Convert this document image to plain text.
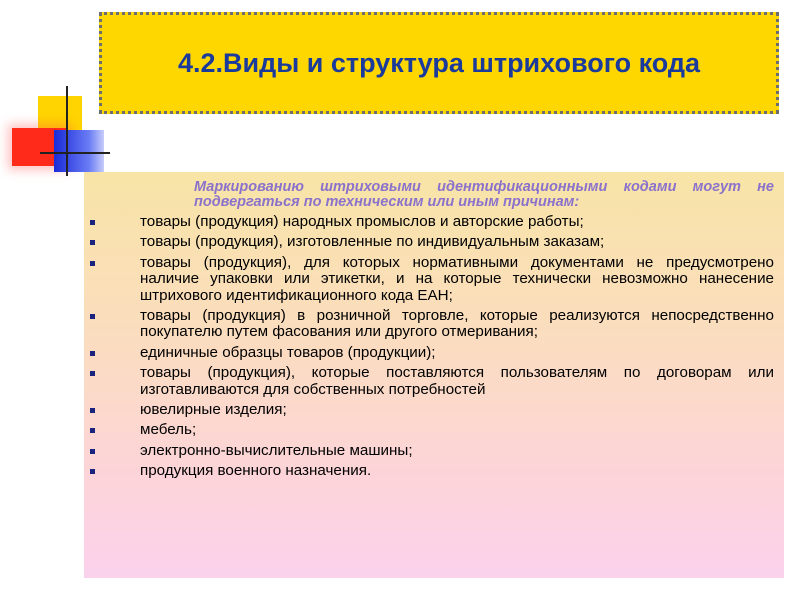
4.2.Виды и структура штрихового кода

Маркированию штриховыми идентификационными кодами могут не подвергаться по техническим или иным причинам:

товары (продукция) народных промыслов и авторские работы;
товары (продукция), изготовленные по индивидуальным заказам;
товары (продукция), для которых нормативными документами не предусмотрено наличие упаковки или этикетки, и на которые технически невозможно нанесение штрихового идентификационного кода ЕАН;
товары (продукция) в розничной торговле, которые реализуются непосредственно покупателю путем фасования или другого отмеривания;
единичные образцы товаров (продукции);
товары (продукция), которые поставляются пользователям по договорам или изготавливаются для собственных потребностей
ювелирные изделия;
мебель;
электронно-вычислительные машины;
продукция военного назначения.
